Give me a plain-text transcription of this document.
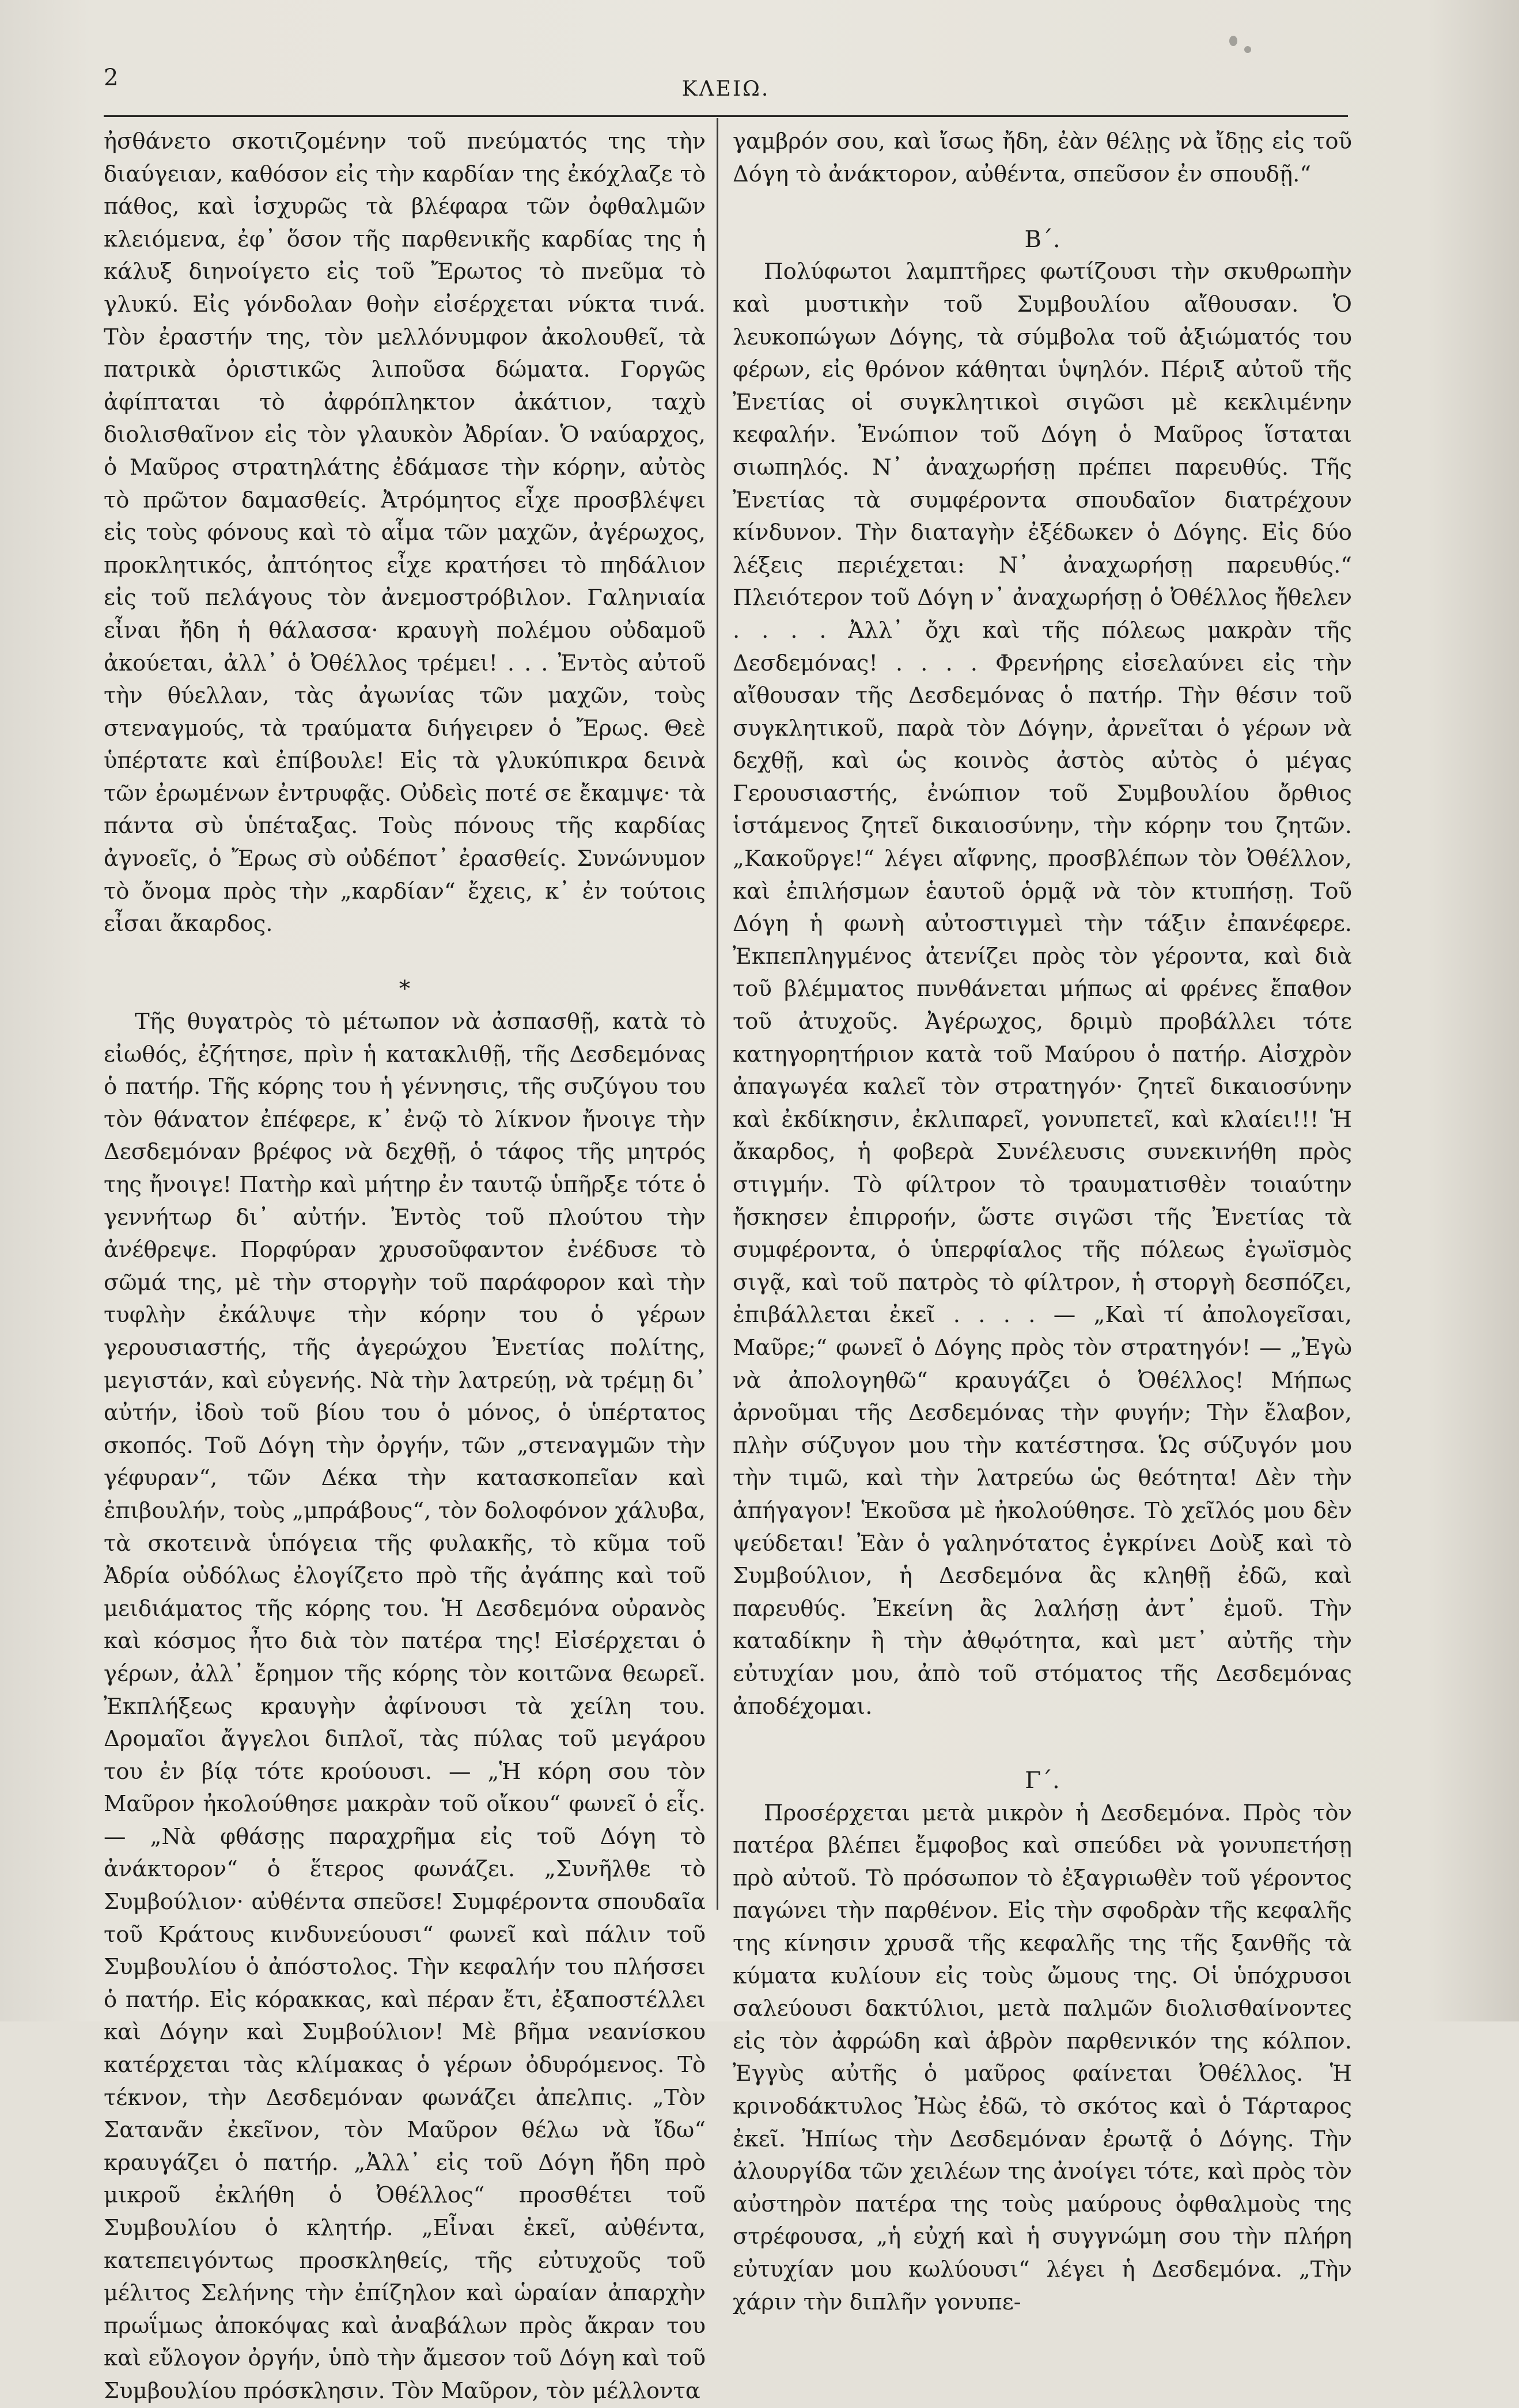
2	ΚΛΕΙΩ.

ἠσθάνετο σκοτιζομένην τοῦ πνεύματός της τὴν διαύγειαν, καθόσον εἰς τὴν καρδίαν της ἐκόχλαζε τὸ πάθος, καὶ ἰσχυρῶς τὰ βλέφαρα τῶν ὀφθαλμῶν κλειόμενα, ἐφ᾽ ὅσον τῆς παρθενικῆς καρδίας της ἡ κάλυξ διηνοίγετο εἰς τοῦ Ἔρωτος τὸ πνεῦμα τὸ γλυκύ. Εἰς γόνδολαν θοὴν εἰσέρχεται νύκτα τινά. Τὸν ἐραστήν της, τὸν μελλόνυμφον ἀκολουθεῖ, τὰ πατρικὰ ὀριστικῶς λιποῦσα δώματα. Γοργῶς ἀφίπταται τὸ ἀφρόπληκτον ἀκάτιον, ταχὺ διολισθαῖνον εἰς τὸν γλαυκὸν Ἀδρίαν. Ὁ ναύαρχος, ὁ Μαῦρος στρατηλάτης ἐδάμασε τὴν κόρην, αὐτὸς τὸ πρῶτον δαμασθείς. Ἀτρόμητος εἶχε προσβλέψει εἰς τοὺς φόνους καὶ τὸ αἷμα τῶν μαχῶν, ἀγέρωχος, προκλητικός, ἀπτόητος εἶχε κρατήσει τὸ πηδάλιον εἰς τοῦ πελάγους τὸν ἀνεμοστρόβιλον. Γαληνιαία εἶναι ἤδη ἡ θάλασσα· κραυγὴ πολέμου οὐδαμοῦ ἀκούεται, ἀλλ᾽ ὁ Ὀθέλλος τρέμει! . . . Ἐντὸς αὐτοῦ τὴν θύελλαν, τὰς ἀγωνίας τῶν μαχῶν, τοὺς στεναγμούς, τὰ τραύματα διήγειρεν ὁ Ἔρως. Θεὲ ὑπέρτατε καὶ ἐπίβουλε! Εἰς τὰ γλυκύπικρα δεινὰ τῶν ἐρωμένων ἐντρυφᾷς. Οὐδεὶς ποτέ σε ἔκαμψε· τὰ πάντα σὺ ὑπέταξας. Τοὺς πόνους τῆς καρδίας ἀγνοεῖς, ὁ Ἔρως σὺ οὐδέποτ᾽ ἐρασθείς. Συνώνυμον τὸ ὄνομα πρὸς τὴν „καρδίαν“ ἔχεις, κ᾽ ἐν τούτοις εἶσαι ἄκαρδος.

*

Τῆς θυγατρὸς τὸ μέτωπον νὰ ἀσπασθῇ, κατὰ τὸ εἰωθός, ἐζήτησε, πρὶν ἡ κατακλιθῇ, τῆς Δεσδεμόνας ὁ πατήρ. Τῆς κόρης του ἡ γέννησις, τῆς συζύγου του τὸν θάνατον ἐπέφερε, κ᾽ ἐνῷ τὸ λίκνον ἤνοιγε τὴν Δεσδεμόναν βρέφος νὰ δεχθῇ, ὁ τάφος τῆς μητρός της ἤνοιγε! Πατὴρ καὶ μήτηρ ἐν ταυτῷ ὑπῆρξε τότε ὁ γεννήτωρ δι᾽ αὐτήν. Ἐντὸς τοῦ πλούτου τὴν ἀνέθρεψε. Πορφύραν χρυσοῦφαντον ἐνέδυσε τὸ σῶμά της, μὲ τὴν στοργὴν τοῦ παράφορον καὶ τὴν τυφλὴν ἐκάλυψε τὴν κόρην του ὁ γέρων γερουσιαστής, τῆς ἀγερώχου Ἐνετίας πολίτης, μεγιστάν, καὶ εὐγενής. Νὰ τὴν λατρεύῃ, νὰ τρέμῃ δι᾽ αὐτήν, ἰδοὺ τοῦ βίου του ὁ μόνος, ὁ ὑπέρτατος σκοπός. Τοῦ Δόγη τὴν ὀργήν, τῶν „στεναγμῶν τὴν γέφυραν“, τῶν Δέκα τὴν κατασκοπεῖαν καὶ ἐπιβουλήν, τοὺς „μπράβους“, τὸν δολοφόνον χάλυβα, τὰ σκοτεινὰ ὑπόγεια τῆς φυλακῆς, τὸ κῦμα τοῦ Ἀδρία οὐδόλως ἐλογίζετο πρὸ τῆς ἀγάπης καὶ τοῦ μειδιάματος τῆς κόρης του. Ἡ Δεσδεμόνα οὐρανὸς καὶ κόσμος ἦτο διὰ τὸν πατέρα της! Εἰσέρχεται ὁ γέρων, ἀλλ᾽ ἔρημον τῆς κόρης τὸν κοιτῶνα θεωρεῖ. Ἐκπλήξεως κραυγὴν ἀφίνουσι τὰ χείλη του. Δρομαῖοι ἄγγελοι διπλοῖ, τὰς πύλας τοῦ μεγάρου του ἐν βίᾳ τότε κρούουσι. — „Ἡ κόρη σου τὸν Μαῦρον ἠκολούθησε μακρὰν τοῦ οἴκου“ φωνεῖ ὁ εἷς. — „Νὰ φθάσῃς παραχρῆμα εἰς τοῦ Δόγη τὸ ἀνάκτορον“ ὁ ἕτερος φωνάζει. „Συνῆλθε τὸ Συμβούλιον· αὐθέντα σπεῦσε! Συμφέροντα σπουδαῖα τοῦ Κράτους κινδυνεύουσι“ φωνεῖ καὶ πάλιν τοῦ Συμβουλίου ὁ ἀπόστολος. Τὴν κεφαλήν του πλήσσει ὁ πατήρ. Εἰς κόρακκας, καὶ πέραν ἔτι, ἐξαποστέλλει καὶ Δόγην καὶ Συμβούλιον! Μὲ βῆμα νεανίσκου κατέρχεται τὰς κλίμακας ὁ γέρων ὀδυρόμενος. Τὸ τέκνον, τὴν Δεσδεμόναν φωνάζει ἀπελπις. „Τὸν Σατανᾶν ἐκεῖνον, τὸν Μαῦρον θέλω νὰ ἴδω“ κραυγάζει ὁ πατήρ. „Ἀλλ᾽ εἰς τοῦ Δόγη ἤδη πρὸ μικροῦ ἐκλήθη ὁ Ὀθέλλος“ προσθέτει τοῦ Συμβουλίου ὁ κλητήρ. „Εἶναι ἐκεῖ, αὐθέντα, κατεπειγόντως προσκληθείς, τῆς εὐτυχοῦς τοῦ μέλιτος Σελήνης τὴν ἐπίζηλον καὶ ὡραίαν ἀπαρχὴν πρωΐμως ἀποκόψας καὶ ἀναβάλων πρὸς ἄκραν του καὶ εὔλογον ὀργήν, ὑπὸ τὴν ἄμεσον τοῦ Δόγη καὶ τοῦ Συμβουλίου πρόσκλησιν. Τὸν Μαῦρον, τὸν μέλλοντα

γαμβρόν σου, καὶ ἴσως ἤδη, ἐὰν θέλῃς νὰ ἴδῃς εἰς τοῦ Δόγη τὸ ἀνάκτορον, αὐθέντα, σπεῦσον ἐν σπουδῇ.“

Β΄.

Πολύφωτοι λαμπτῆρες φωτίζουσι τὴν σκυθρωπὴν καὶ μυστικὴν τοῦ Συμβουλίου αἴθουσαν. Ὁ λευκοπώγων Δόγης, τὰ σύμβολα τοῦ ἀξιώματός του φέρων, εἰς θρόνον κάθηται ὑψηλόν. Πέριξ αὐτοῦ τῆς Ἐνετίας οἱ συγκλητικοὶ σιγῶσι μὲ κεκλιμένην κεφαλήν. Ἐνώπιον τοῦ Δόγη ὁ Μαῦρος ἵσταται σιωπηλός. Ν᾽ ἀναχωρήσῃ πρέπει παρευθύς. Τῆς Ἐνετίας τὰ συμφέροντα σπουδαῖον διατρέχουν κίνδυνον. Τὴν διαταγὴν ἐξέδωκεν ὁ Δόγης. Εἰς δύο λέξεις περιέχεται: Ν᾽ ἀναχωρήσῃ παρευθύς.“ Πλειότερον τοῦ Δόγη ν᾽ ἀναχωρήσῃ ὁ Ὀθέλλος ἤθελεν . . . . Ἀλλ᾽ ὄχι καὶ τῆς πόλεως μακρὰν τῆς Δεσδεμόνας! . . . . Φρενήρης εἰσελαύνει εἰς τὴν αἴθουσαν τῆς Δεσδεμόνας ὁ πατήρ. Τὴν θέσιν τοῦ συγκλητικοῦ, παρὰ τὸν Δόγην, ἀρνεῖται ὁ γέρων νὰ δεχθῇ, καὶ ὡς κοινὸς ἀστὸς αὐτὸς ὁ μέγας Γερουσιαστής, ἐνώπιον τοῦ Συμβουλίου ὄρθιος ἱστάμενος ζητεῖ δικαιοσύνην, τὴν κόρην του ζητῶν. „Κακοῦργε!“ λέγει αἴφνης, προσβλέπων τὸν Ὀθέλλον, καὶ ἐπιλήσμων ἑαυτοῦ ὁρμᾷ νὰ τὸν κτυπήσῃ. Τοῦ Δόγη ἡ φωνὴ αὐτοστιγμεὶ τὴν τάξιν ἐπανέφερε. Ἐκπεπληγμένος ἀτενίζει πρὸς τὸν γέροντα, καὶ διὰ τοῦ βλέμματος πυνθάνεται μήπως αἱ φρένες ἔπαθον τοῦ ἀτυχοῦς. Ἀγέρωχος, δριμὺ προβάλλει τότε κατηγορητήριον κατὰ τοῦ Μαύρου ὁ πατήρ. Αἰσχρὸν ἀπαγωγέα καλεῖ τὸν στρατηγόν· ζητεῖ δικαιοσύνην καὶ ἐκδίκησιν, ἐκλιπαρεῖ, γονυπετεῖ, καὶ κλαίει!!! Ἡ ἄκαρδος, ἡ φοβερὰ Συνέλευσις συνεκινήθη πρὸς στιγμήν. Τὸ φίλτρον τὸ τραυματισθὲν τοιαύτην ἤσκησεν ἐπιρροήν, ὥστε σιγῶσι τῆς Ἐνετίας τὰ συμφέροντα, ὁ ὑπερφίαλος τῆς πόλεως ἐγωϊσμὸς σιγᾷ, καὶ τοῦ πατρὸς τὸ φίλτρον, ἡ στοργὴ δεσπόζει, ἐπιβάλλεται ἐκεῖ . . . . — „Καὶ τί ἀπολογεῖσαι, Μαῦρε;“ φωνεῖ ὁ Δόγης πρὸς τὸν στρατηγόν! — „Ἐγὼ νὰ ἀπολογηθῶ“ κραυγάζει ὁ Ὀθέλλος! Μήπως ἀρνοῦμαι τῆς Δεσδεμόνας τὴν φυγήν; Τὴν ἔλαβον, πλὴν σύζυγον μου τὴν κατέστησα. Ὡς σύζυγόν μου τὴν τιμῶ, καὶ τὴν λατρεύω ὡς θεότητα! Δὲν τὴν ἀπήγαγον! Ἑκοῦσα μὲ ἠκολούθησε. Τὸ χεῖλός μου δὲν ψεύδεται! Ἐὰν ὁ γαληνότατος ἐγκρίνει Δοὺξ καὶ τὸ Συμβούλιον, ἡ Δεσδεμόνα ἂς κληθῇ ἐδῶ, καὶ παρευθύς. Ἐκείνη ἂς λαλήσῃ ἀντ᾽ ἐμοῦ. Τὴν καταδίκην ἢ τὴν ἀθῳότητα, καὶ μετ᾽ αὐτῆς τὴν εὐτυχίαν μου, ἀπὸ τοῦ στόματος τῆς Δεσδεμόνας ἀποδέχομαι.

Γ΄.

Προσέρχεται μετὰ μικρὸν ἡ Δεσδεμόνα. Πρὸς τὸν πατέρα βλέπει ἔμφοβος καὶ σπεύδει νὰ γονυπετήσῃ πρὸ αὐτοῦ. Τὸ πρόσωπον τὸ ἐξαγριωθὲν τοῦ γέροντος παγώνει τὴν παρθένον. Εἰς τὴν σφοδρὰν τῆς κεφαλῆς της κίνησιν χρυσᾶ τῆς κεφαλῆς της τῆς ξανθῆς τὰ κύματα κυλίουν εἰς τοὺς ὤμους της. Οἱ ὑπόχρυσοι σαλεύουσι δακτύλιοι, μετὰ παλμῶν διολισθαίνοντες εἰς τὸν ἀφρώδη καὶ ἁβρὸν παρθενικόν της κόλπον. Ἐγγὺς αὐτῆς ὁ μαῦρος φαίνεται Ὀθέλλος. Ἡ κρινοδάκτυλος Ἠὼς ἐδῶ, τὸ σκότος καὶ ὁ Τάρταρος ἐκεῖ. Ἠπίως τὴν Δεσδεμόναν ἐρωτᾷ ὁ Δόγης. Τὴν ἀλουργίδα τῶν χειλέων της ἀνοίγει τότε, καὶ πρὸς τὸν αὐστηρὸν πατέρα της τοὺς μαύρους ὀφθαλμοὺς της στρέφουσα, „ἡ εὐχή καὶ ἡ συγγνώμη σου τὴν πλήρη εὐτυχίαν μου κωλύουσι“ λέγει ἡ Δεσδεμόνα. „Τὴν χάριν τὴν διπλῆν γονυπε-
